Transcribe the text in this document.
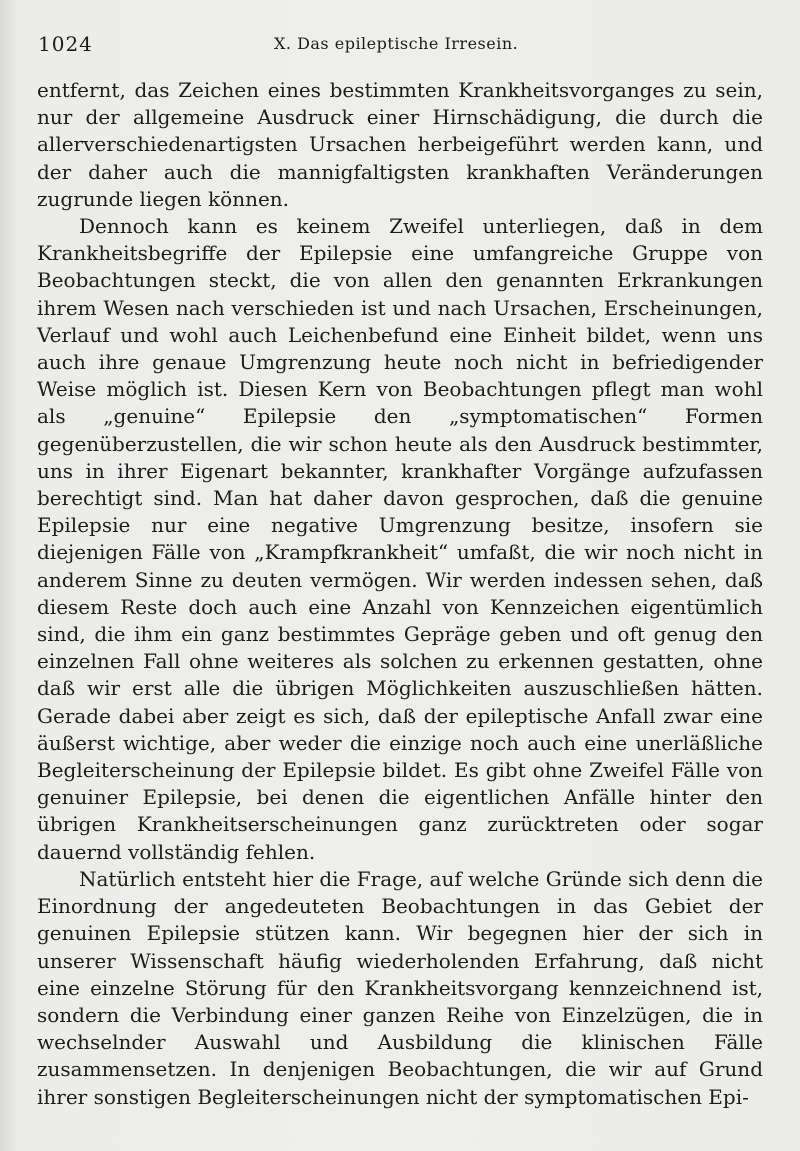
1024	X. Das epileptische Irresein.

entfernt, das Zeichen eines bestimmten Krankheitsvorganges zu sein, nur der allgemeine Ausdruck einer Hirnschädigung, die durch die allerverschiedenartigsten Ursachen herbeigeführt werden kann, und der daher auch die mannigfaltigsten krankhaften Veränderungen zugrunde liegen können.

Dennoch kann es keinem Zweifel unterliegen, daß in dem Krankheitsbegriffe der Epilepsie eine umfangreiche Gruppe von Beobachtungen steckt, die von allen den genannten Erkrankungen ihrem Wesen nach verschieden ist und nach Ursachen, Erscheinungen, Verlauf und wohl auch Leichenbefund eine Einheit bildet, wenn uns auch ihre genaue Umgrenzung heute noch nicht in befriedigender Weise möglich ist. Diesen Kern von Beobachtungen pflegt man wohl als „genuine“ Epilepsie den „symptomatischen“ Formen gegenüberzustellen, die wir schon heute als den Ausdruck bestimmter, uns in ihrer Eigenart bekannter, krankhafter Vorgänge aufzufassen berechtigt sind. Man hat daher davon gesprochen, daß die genuine Epilepsie nur eine negative Umgrenzung besitze, insofern sie diejenigen Fälle von „Krampfkrankheit“ umfaßt, die wir noch nicht in anderem Sinne zu deuten vermögen. Wir werden indessen sehen, daß diesem Reste doch auch eine Anzahl von Kennzeichen eigentümlich sind, die ihm ein ganz bestimmtes Gepräge geben und oft genug den einzelnen Fall ohne weiteres als solchen zu erkennen gestatten, ohne daß wir erst alle die übrigen Möglichkeiten auszuschließen hätten. Gerade dabei aber zeigt es sich, daß der epileptische Anfall zwar eine äußerst wichtige, aber weder die einzige noch auch eine unerläßliche Begleiterscheinung der Epilepsie bildet. Es gibt ohne Zweifel Fälle von genuiner Epilepsie, bei denen die eigentlichen Anfälle hinter den übrigen Krankheitserscheinungen ganz zurücktreten oder sogar dauernd vollständig fehlen.

Natürlich entsteht hier die Frage, auf welche Gründe sich denn die Einordnung der angedeuteten Beobachtungen in das Gebiet der genuinen Epilepsie stützen kann. Wir begegnen hier der sich in unserer Wissenschaft häufig wiederholenden Erfahrung, daß nicht eine einzelne Störung für den Krankheitsvorgang kennzeichnend ist, sondern die Verbindung einer ganzen Reihe von Einzelzügen, die in wechselnder Auswahl und Ausbildung die klinischen Fälle zusammensetzen. In denjenigen Beobachtungen, die wir auf Grund ihrer sonstigen Begleiterscheinungen nicht der symptomatischen Epi-
